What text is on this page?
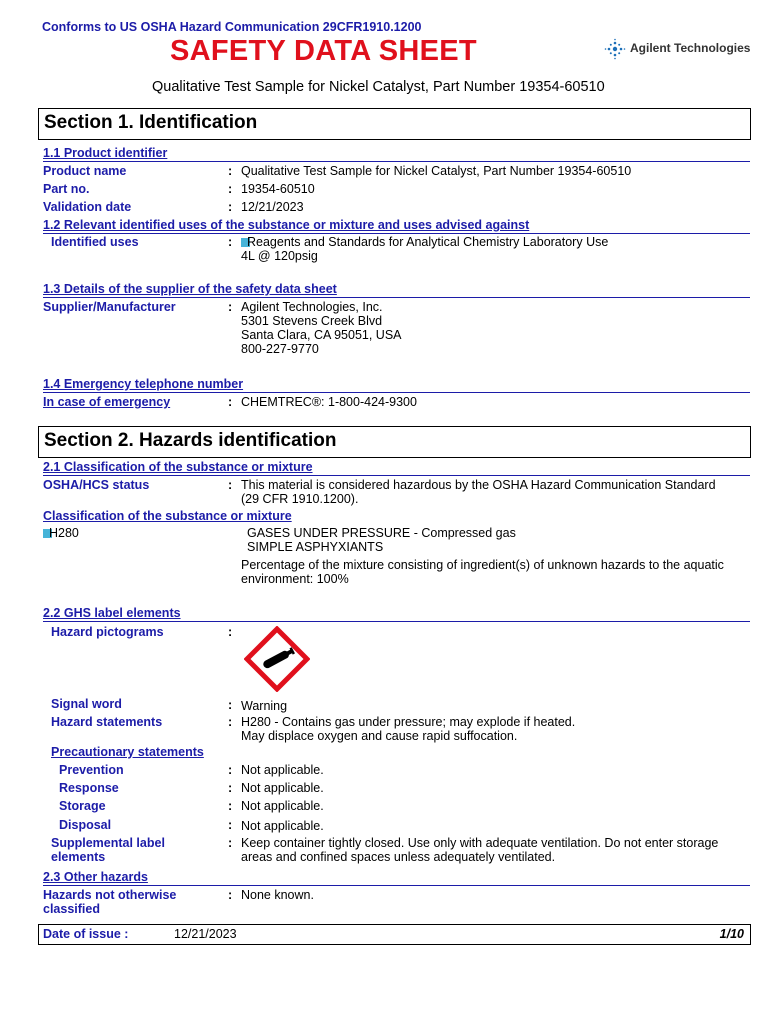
Conforms to US OSHA Hazard Communication 29CFR1910.1200
SAFETY DATA SHEET	Agilent Technologies
Qualitative Test Sample for Nickel Catalyst, Part Number 19354-60510
Section 1. Identification
1.1 Product identifier
Product name	: Qualitative Test Sample for Nickel Catalyst, Part Number 19354-60510
Part no.	: 19354-60510
Validation date	: 12/21/2023
1.2 Relevant identified uses of the substance or mixture and uses advised against
Identified uses	:	Reagents and Standards for Analytical Chemistry Laboratory Use
4L @ 120psig
1.3 Details of the supplier of the safety data sheet
Supplier/Manufacturer	: Agilent Technologies, Inc.
5301 Stevens Creek Blvd
Santa Clara, CA 95051, USA
800-227-9770
1.4 Emergency telephone number
In case of emergency	: CHEMTREC®: 1-800-424-9300
Section 2. Hazards identification
2.1 Classification of the substance or mixture
OSHA/HCS status	: This material is considered hazardous by the OSHA Hazard Communication Standard
(29 CFR 1910.1200).
Classification of the substance or mixture
H280	GASES UNDER PRESSURE - Compressed gas
SIMPLE ASPHYXIANTS
Percentage of the mixture consisting of ingredient(s) of unknown hazards to the aquatic
environment: 100%
2.2 GHS label elements
Hazard pictograms	:
Signal word	: Warning
Hazard statements	: H280 - Contains gas under pressure; may explode if heated.
May displace oxygen and cause rapid suffocation.
Precautionary statements
Prevention	: Not applicable.
Response	: Not applicable.
Storage	: Not applicable.
Disposal	: Not applicable.
Supplemental label
elements
: Keep container tightly closed. Use only with adequate ventilation. Do not enter storage
areas and confined spaces unless adequately ventilated.
2.3 Other hazards
Hazards not otherwise
classified
: None known.
Date of issue :	12/21/2023	1/10
